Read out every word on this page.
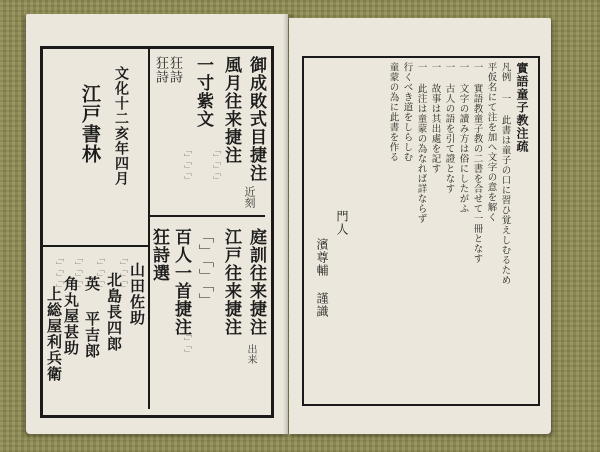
御成敗式目捷注
近刻
風月往来捷注
「」「」「」
一寸紫文
「」「」「」
狂詩
狂詩
庭訓往来捷注
出来
江戸往来捷注
「」「」「」
「」「」
百人一首捷注
狂詩選
文化十二亥年四月
江戸書林
山田佐助
「」「」「」
北島長四郎
「」「」「」
英 平吉郎
「」「」「」
角丸屋甚助
「」「」「」
上総屋利兵衛
實語童子教注疏
凡例 一 此書は童子の口に習ひ覚えしむるため
平仮名にて注を加へ文字の意を解く
一 實語教童子教の二書を合せて一冊となす
一 文字の讀み方は俗にしたがふ
一 古人の語を引て證となす
一 故事は其出處を記す
一 此注は童蒙の為なれば詳ならず
行くべき道をしらしむ
童蒙の為に此書を作る
門人
濱尊輔 謹識
